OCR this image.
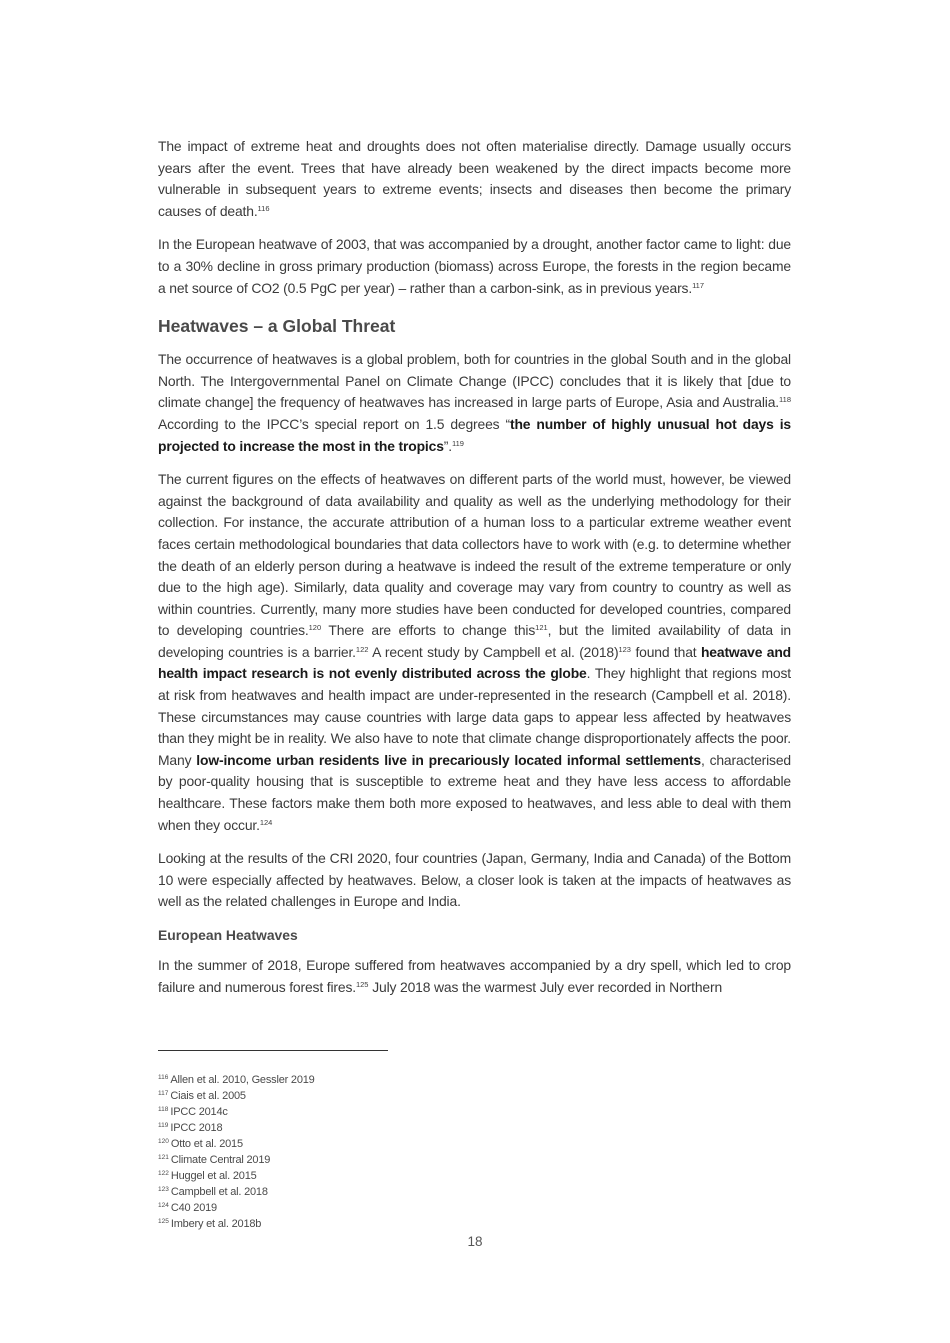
The impact of extreme heat and droughts does not often materialise directly. Damage usually occurs years after the event. Trees that have already been weakened by the direct impacts become more vulnerable in subsequent years to extreme events; insects and diseases then become the primary causes of death.$^{116}$

In the European heatwave of 2003, that was accompanied by a drought, another factor came to light: due to a 30% decline in gross primary production (biomass) across Europe, the forests in the region became a net source of CO2 (0.5 PgC per year) – rather than a carbon-sink, as in previous years.$^{117}$

Heatwaves – a Global Threat

The occurrence of heatwaves is a global problem, both for countries in the global South and in the global North. The Intergovernmental Panel on Climate Change (IPCC) concludes that it is likely that [due to climate change] the frequency of heatwaves has increased in large parts of Europe, Asia and Australia.$^{118}$ According to the IPCC’s special report on 1.5 degrees “the number of highly unusual hot days is projected to increase the most in the tropics”.$^{119}$

The current figures on the effects of heatwaves on different parts of the world must, however, be viewed against the background of data availability and quality as well as the underlying methodology for their collection. For instance, the accurate attribution of a human loss to a particular extreme weather event faces certain methodological boundaries that data collectors have to work with (e.g. to determine whether the death of an elderly person during a heatwave is indeed the result of the extreme temperature or only due to the high age). Similarly, data quality and coverage may vary from country to country as well as within countries. Currently, many more studies have been conducted for developed countries, compared to developing countries.$^{120}$ There are efforts to change this$^{121}$, but the limited availability of data in developing countries is a barrier.$^{122}$ A recent study by Campbell et al. $(2018)^{123}$ found that heatwave and health impact research is not evenly distributed across the globe. They highlight that regions most at risk from heatwaves and health impact are under-represented in the research (Campbell et al. 2018). These circumstances may cause countries with large data gaps to appear less affected by heatwaves than they might be in reality. We also have to note that climate change disproportionately affects the poor. Many low-income urban residents live in precariously located informal settlements, characterised by poor-quality housing that is susceptible to extreme heat and they have less access to affordable healthcare. These factors make them both more exposed to heatwaves, and less able to deal with them when they occur.$^{124}$

Looking at the results of the CRI 2020, four countries (Japan, Germany, India and Canada) of the Bottom 10 were especially affected by heatwaves. Below, a closer look is taken at the impacts of heatwaves as well as the related challenges in Europe and India.

European Heatwaves

In the summer of 2018, Europe suffered from heatwaves accompanied by a dry spell, which led to crop failure and numerous forest fires.$^{125}$ July 2018 was the warmest July ever recorded in Northern

$^{116}$ Allen et al. 2010, Gessler 2019
$^{117}$ Ciais et al. 2005
$^{118}$ IPCC 2014c
$^{119}$ IPCC 2018
$^{120}$ Otto et al. 2015
$^{121}$ Climate Central 2019
$^{122}$ Huggel et al. 2015
$^{123}$ Campbell et al. 2018
$^{124}$ C40 2019
$^{125}$ Imbery et al. 2018b
18
